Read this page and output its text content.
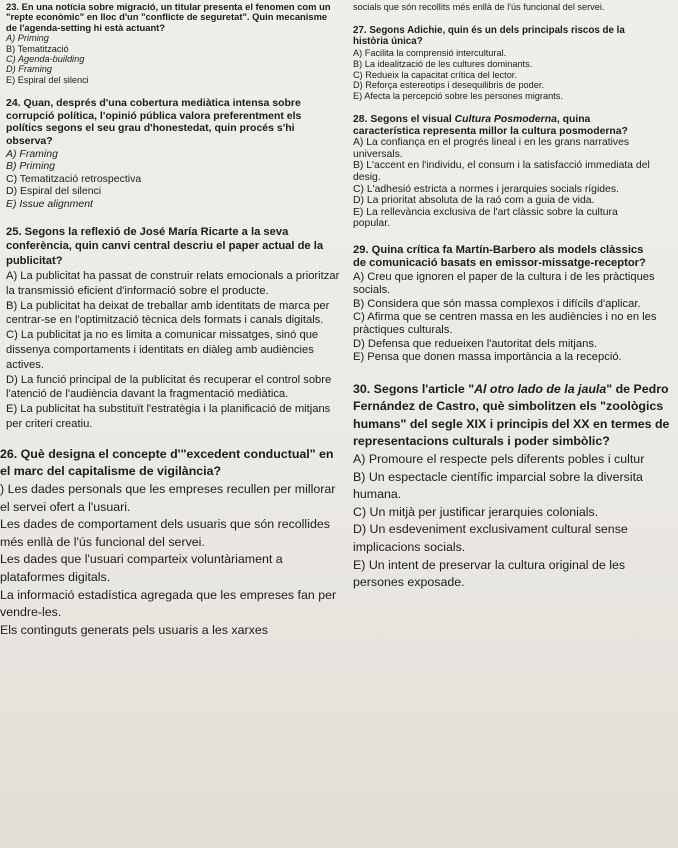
23. En una notícia sobre migració, un titular presenta el fenomen com un "repte econòmic" en lloc d'un "conflicte de seguretat". Quin mecanisme de l'agenda-setting hi està actuant?

A) Priming

B) Tematització

C) Agenda-building

D) Framing

E) Espiral del silenci

24. Quan, després d'una cobertura mediàtica intensa sobre corrupció política, l'opinió pública valora preferentment els polítics segons el seu grau d'honestedat, quin procés s'hi observa?

A) Framing

B) Priming

C) Tematització retrospectiva

D) Espiral del silenci

E) Issue alignment

25. Segons la reflexió de José María Ricarte a la seva conferència, quin canvi central descriu el paper actual de la publicitat?

A) La publicitat ha passat de construir relats emocionals a prioritzar la transmissió eficient d'informació sobre el producte.

B) La publicitat ha deixat de treballar amb identitats de marca per centrar-se en l'optimització tècnica dels formats i canals digitals.

C) La publicitat ja no es limita a comunicar missatges, sinó que dissenya comportaments i identitats en diàleg amb audiències actives.

D) La funció principal de la publicitat és recuperar el control sobre l'atenció de l'audiència davant la fragmentació mediàtica.

E) La publicitat ha substituït l'estratègia i la planificació de mitjans per criteri creatiu.

26. Què designa el concepte d'"excedent conductual" en el marc del capitalisme de vigilància?

) Les dades personals que les empreses recullen per millorar el servei ofert a l'usuari.

Les dades de comportament dels usuaris que són recollides més enllà de l'ús funcional del servei.

Les dades que l'usuari comparteix voluntàriament a plataformes digitals.

La informació estadística agregada que les empreses fan per vendre-les.

Els continguts generats pels usuaris a les xarxes

socials que són recollits més enllà de l'ús funcional del servei.

27. Segons Adichie, quin és un dels principals riscos de la història única?

A) Facilita la comprensió intercultural.

B) La idealització de les cultures dominants.

C) Redueix la capacitat crítica del lector.

D) Reforça estereotips i desequilibris de poder.

E) Afecta la percepció sobre les persones migrants.

28. Segons el visual Cultura Posmoderna, quina característica representa millor la cultura posmoderna?

A) La confiança en el progrés lineal i en les grans narratives universals.

B) L'accent en l'individu, el consum i la satisfacció immediata del desig.

C) L'adhesió estricta a normes i jerarquies socials rígides.

D) La prioritat absoluta de la raó com a guia de vida.

E) La rellevància exclusiva de l'art clàssic sobre la cultura popular.

29. Quina crítica fa Martín-Barbero als models clàssics de comunicació basats en emissor-missatge-receptor?

A) Creu que ignoren el paper de la cultura i de les pràctiques socials.

B) Considera que són massa complexos i difícils d'aplicar.

C) Afirma que se centren massa en les audiències i no en les pràctiques culturals.

D) Defensa que redueixen l'autoritat dels mitjans.

E) Pensa que donen massa importància a la recepció.

30. Segons l'article "Al otro lado de la jaula" de Pedro Fernández de Castro, què simbolitzen els "zoològics humans" del segle XIX i principis del XX en termes de representacions culturals i poder simbòlic?

A) Promoure el respecte pels diferents pobles i cultur

B) Un espectacle científic imparcial sobre la diversita humana.

C) Un mitjà per justificar jerarquies colonials.

D) Un esdeveniment exclusivament cultural sense implicacions socials.

E) Un intent de preservar la cultura original de les persones exposade.
